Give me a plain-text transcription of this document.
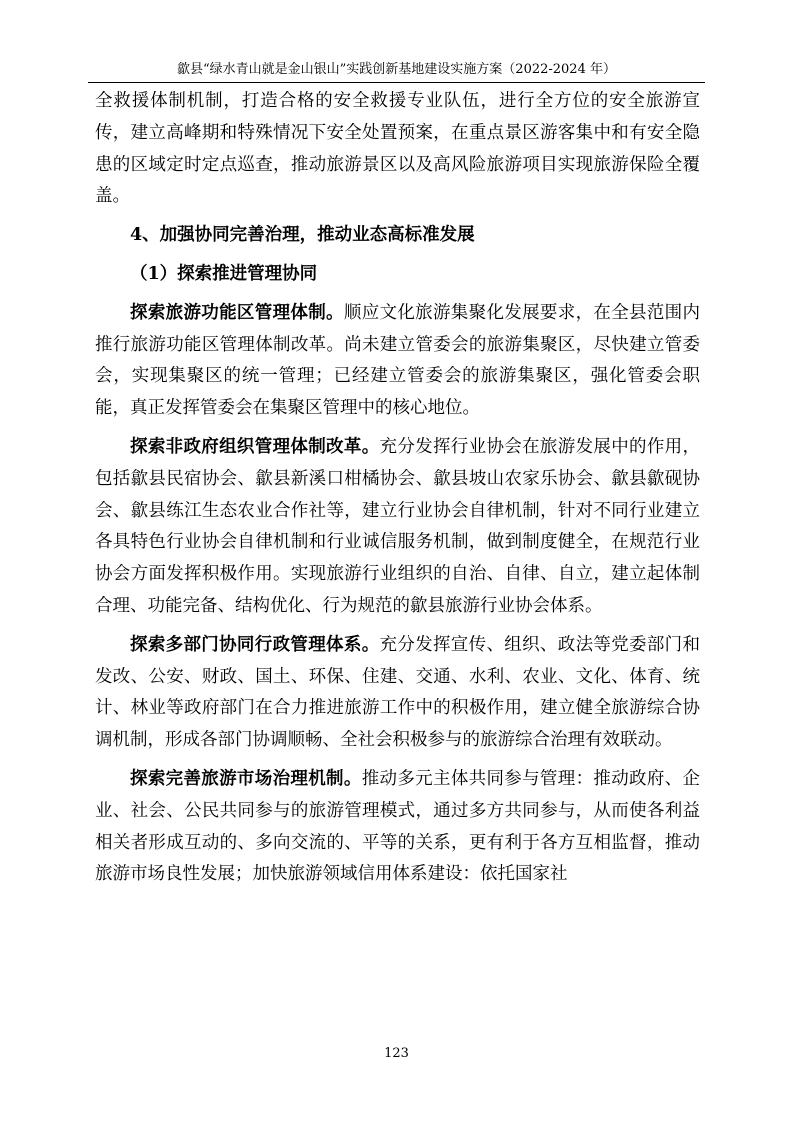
歙县“绿水青山就是金山银山”实践创新基地建设实施方案（2022-2024 年）

全救援体制机制，打造合格的安全救援专业队伍，进行全方位的安全旅游宣传，建立高峰期和特殊情况下安全处置预案，在重点景区游客集中和有安全隐患的区域定时定点巡查，推动旅游景区以及高风险旅游项目实现旅游保险全覆盖。

4、加强协同完善治理，推动业态高标准发展

（1）探索推进管理协同

探索旅游功能区管理体制。顺应文化旅游集聚化发展要求，在全县范围内推行旅游功能区管理体制改革。尚未建立管委会的旅游集聚区，尽快建立管委会，实现集聚区的统一管理；已经建立管委会的旅游集聚区，强化管委会职能，真正发挥管委会在集聚区管理中的核心地位。

探索非政府组织管理体制改革。充分发挥行业协会在旅游发展中的作用，包括歙县民宿协会、歙县新溪口柑橘协会、歙县坡山农家乐协会、歙县歙砚协会、歙县练江生态农业合作社等，建立行业协会自律机制，针对不同行业建立各具特色行业协会自律机制和行业诚信服务机制，做到制度健全，在规范行业协会方面发挥积极作用。实现旅游行业组织的自治、自律、自立，建立起体制合理、功能完备、结构优化、行为规范的歙县旅游行业协会体系。

探索多部门协同行政管理体系。充分发挥宣传、组织、政法等党委部门和发改、公安、财政、国土、环保、住建、交通、水利、农业、文化、体育、统计、林业等政府部门在合力推进旅游工作中的积极作用，建立健全旅游综合协调机制，形成各部门协调顺畅、全社会积极参与的旅游综合治理有效联动。

探索完善旅游市场治理机制。推动多元主体共同参与管理：推动政府、企业、社会、公民共同参与的旅游管理模式，通过多方共同参与，从而使各利益相关者形成互动的、多向交流的、平等的关系，更有利于各方互相监督，推动旅游市场良性发展；加快旅游领域信用体系建设：依托国家社

123
